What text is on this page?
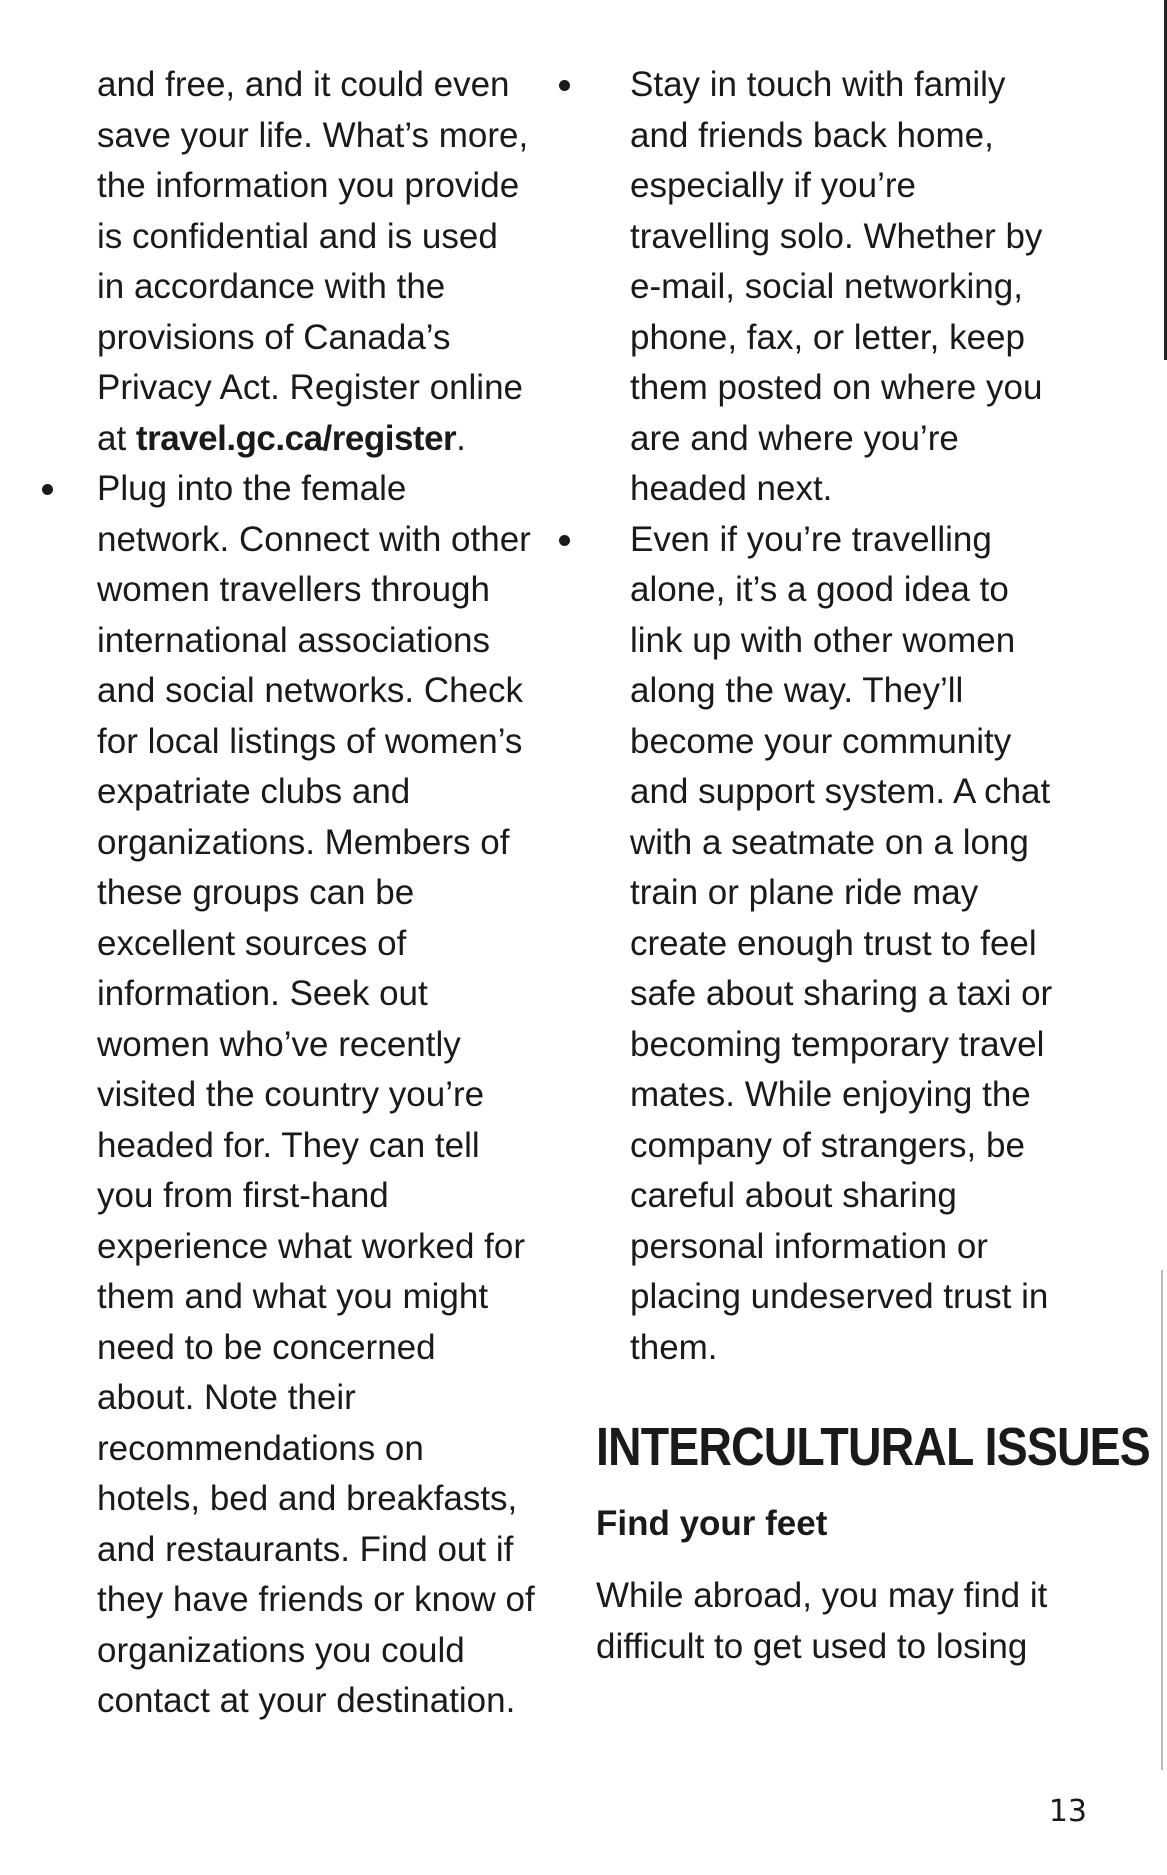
and free, and it could even
save your life. What’s more,
the information you provide
is confidential and is used
in accordance with the
provisions of Canada’s
Privacy Act. Register online
at travel.gc.ca/register.

Plug into the female
network. Connect with other
women travellers through
international associations
and social networks. Check
for local listings of women’s
expatriate clubs and
organizations. Members of
these groups can be
excellent sources of
information. Seek out
women who’ve recently
visited the country you’re
headed for. They can tell
you from first-hand
experience what worked for
them and what you might
need to be concerned
about. Note their
recommendations on
hotels, bed and breakfasts,
and restaurants. Find out if
they have friends or know of
organizations you could
contact at your destination.

Stay in touch with family
and friends back home,
especially if you’re
travelling solo. Whether by
e-mail, social networking,
phone, fax, or letter, keep
them posted on where you
are and where you’re
headed next.

Even if you’re travelling
alone, it’s a good idea to
link up with other women
along the way. They’ll
become your community
and support system. A chat
with a seatmate on a long
train or plane ride may
create enough trust to feel
safe about sharing a taxi or
becoming temporary travel
mates. While enjoying the
company of strangers, be
careful about sharing
personal information or
placing undeserved trust in
them.

INTERCULTURAL ISSUES
Find your feet

While abroad, you may find it
difficult to get used to losing

13
